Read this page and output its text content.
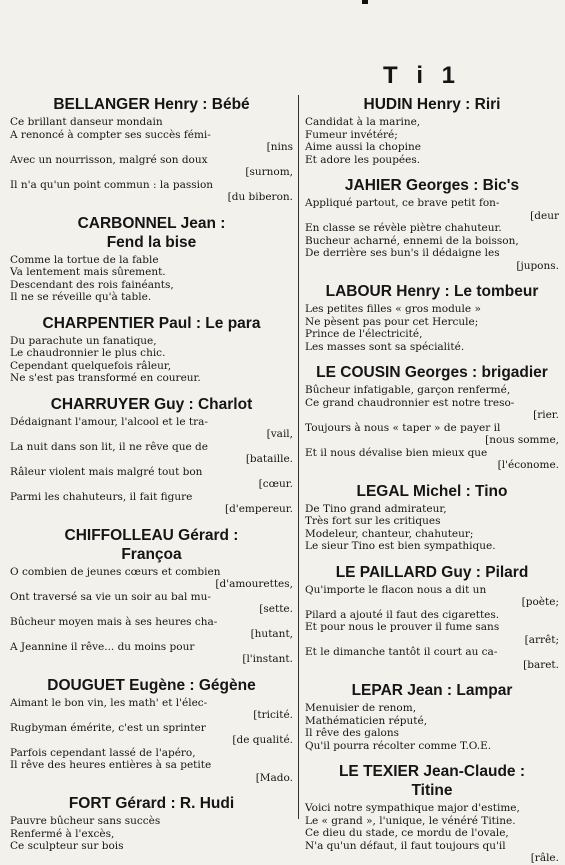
T i 1
BELLANGER Henry : Bébé
Ce brillant danseur mondain
A renoncé à compter ses succès fémi-
[nins
Avec un nourrisson, malgré son doux
[surnom,
Il n'a qu'un point commun : la passion
[du biberon.
CARBONNEL Jean :
Fend la bise
Comme la tortue de la fable
Va lentement mais sûrement.
Descendant des rois fainéants,
Il ne se réveille qu'à table.
CHARPENTIER Paul : Le para
Du parachute un fanatique,
Le chaudronnier le plus chic.
Cependant quelquefois râleur,
Ne s'est pas transformé en coureur.
CHARRUYER Guy : Charlot
Dédaignant l'amour, l'alcool et le tra-
[vail,
La nuit dans son lit, il ne rêve que de
[bataille.
Râleur violent mais malgré tout bon
[cœur.
Parmi les chahuteurs, il fait figure
[d'empereur.
CHIFFOLLEAU Gérard :
Françoa
O combien de jeunes cœurs et combien
[d'amourettes,
Ont traversé sa vie un soir au bal mu-
[sette.
Bûcheur moyen mais à ses heures cha-
[hutant,
A Jeannine il rêve... du moins pour
[l'instant.
DOUGUET Eugène : Gégène
Aimant le bon vin, les math' et l'élec-
[tricité.
Rugbyman émérite, c'est un sprinter
[de qualité.
Parfois cependant lassé de l'apéro,
Il rêve des heures entières à sa petite
[Mado.
FORT Gérard : R. Hudi
Pauvre bûcheur sans succès
Renfermé à l'excès,
Ce sculpteur sur bois
HUDIN Henry : Riri
Candidat à la marine,
Fumeur invétéré;
Aime aussi la chopine
Et adore les poupées.
JAHIER Georges : Bic's
Appliqué partout, ce brave petit fon-
[deur
En classe se révèle piètre chahuteur.
Bucheur acharné, ennemi de la boisson,
De derrière ses bun's il dédaigne les
[jupons.
LABOUR Henry : Le tombeur
Les petites filles « gros module »
Ne pèsent pas pour cet Hercule;
Prince de l'électricité,
Les masses sont sa spécialité.
LE COUSIN Georges : brigadier
Bûcheur infatigable, garçon renfermé,
Ce grand chaudronnier est notre treso-
[rier.
Toujours à nous « taper » de payer il
[nous somme,
Et il nous dévalise bien mieux que
[l'économe.
LEGAL Michel : Tino
De Tino grand admirateur,
Très fort sur les critiques
Modeleur, chanteur, chahuteur;
Le sieur Tino est bien sympathique.
LE PAILLARD Guy : Pilard
Qu'importe le flacon nous a dit un
[poète;
Pilard a ajouté il faut des cigarettes.
Et pour nous le prouver il fume sans
[arrêt;
Et le dimanche tantôt il court au ca-
[baret.
LEPAR Jean : Lampar
Menuisier de renom,
Mathématicien réputé,
Il rêve des galons
Qu'il pourra récolter comme T.O.E.
LE TEXIER Jean-Claude :
Titine
Voici notre sympathique major d'estime,
Le « grand », l'unique, le vénéré Titine.
Ce dieu du stade, ce mordu de l'ovale,
N'a qu'un défaut, il faut toujours qu'il
[râle.
